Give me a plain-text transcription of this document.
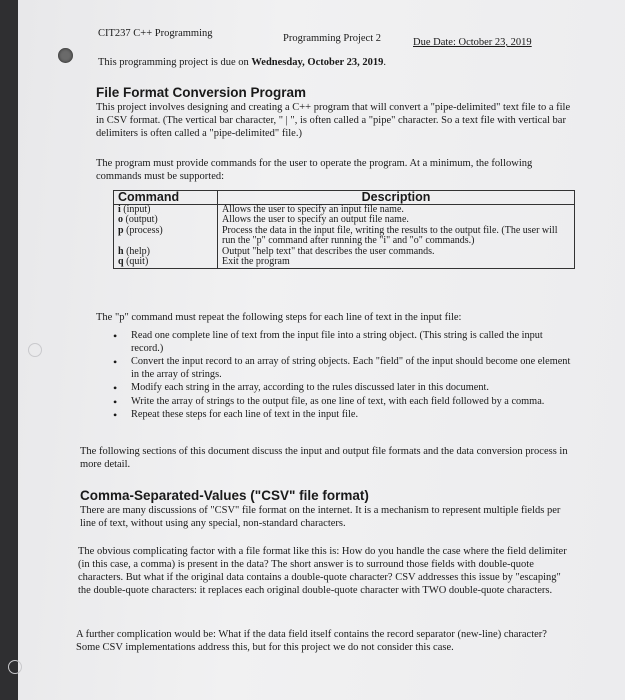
CIT237 C++ Programming	Programming Project 2	Due Date: October 23, 2019
This programming project is due on Wednesday, October 23, 2019.
File Format Conversion Program
This project involves designing and creating a C++ program that will convert a "pipe-delimited" text file to a file in CSV format. (The vertical bar character, " | ", is often called a "pipe" character. So a text file with vertical bar delimiters is often called a "pipe-delimited" file.)
The program must provide commands for the user to operate the program. At a minimum, the following commands must be supported:
Command	Description
i (input)	Allows the user to specify an input file name.
o (output)	Allows the user to specify an output file name.
p (process)	Process the data in the input file, writing the results to the output file. (The user will run the "p" command after running the "i" and "o" commands.)
h (help)	Output "help text" that describes the user commands.
q (quit)	Exit the program
The "p" command must repeat the following steps for each line of text in the input file:
• Read one complete line of text from the input file into a string object. (This string is called the input record.)
• Convert the input record to an array of string objects. Each "field" of the input should become one element in the array of strings.
• Modify each string in the array, according to the rules discussed later in this document.
• Write the array of strings to the output file, as one line of text, with each field followed by a comma.
• Repeat these steps for each line of text in the input file.
The following sections of this document discuss the input and output file formats and the data conversion process in more detail.
Comma-Separated-Values ("CSV" file format)
There are many discussions of "CSV" file format on the internet. It is a mechanism to represent multiple fields per line of text, without using any special, non-standard characters.
The obvious complicating factor with a file format like this is: How do you handle the case where the field delimiter (in this case, a comma) is present in the data? The short answer is to surround those fields with double-quote characters. But what if the original data contains a double-quote character? CSV addresses this issue by "escaping" the double-quote characters: it replaces each original double-quote character with TWO double-quote characters.
A further complication would be: What if the data field itself contains the record separator (new-line) character? Some CSV implementations address this, but for this project we do not consider this case.
